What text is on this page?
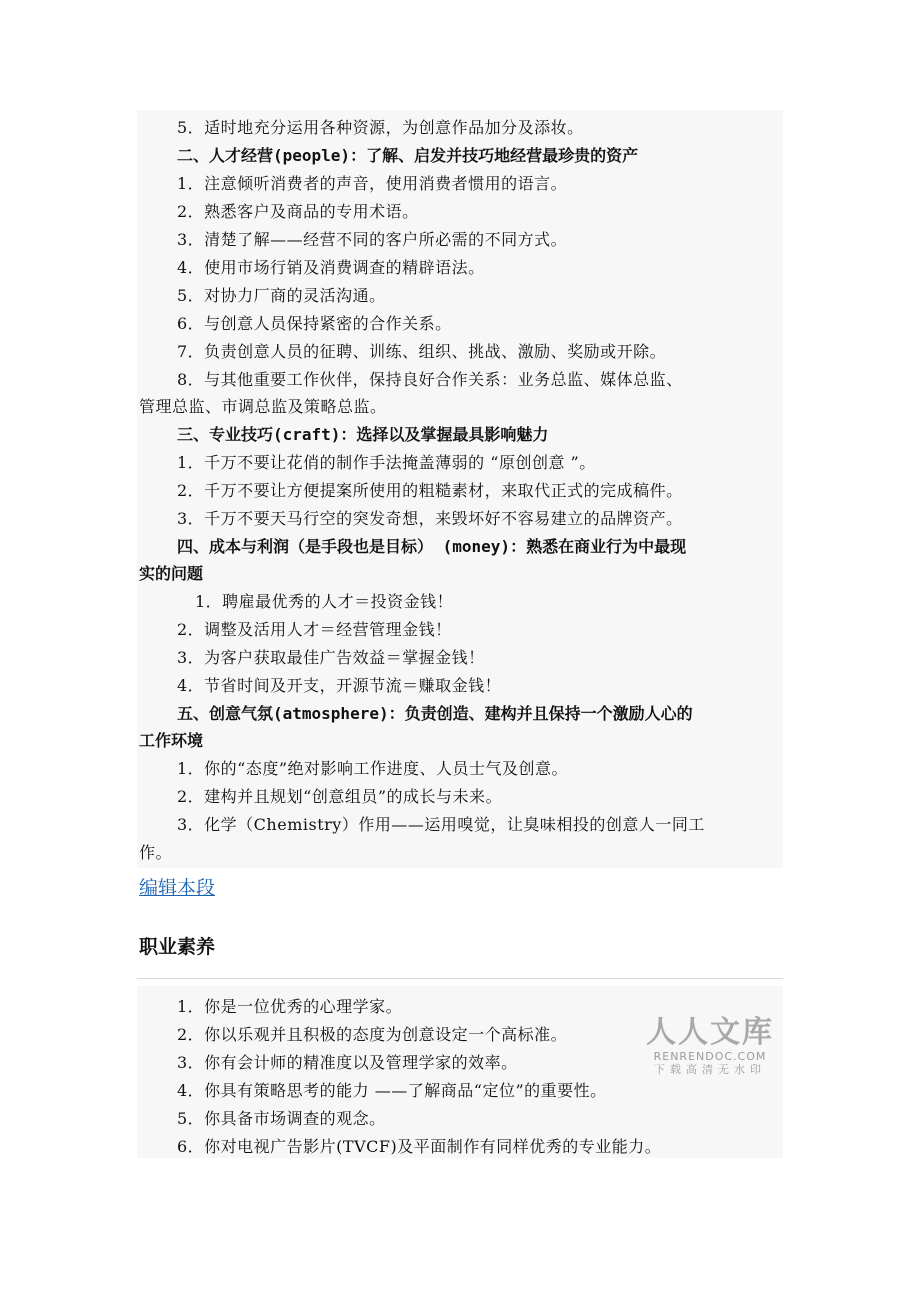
5．适时地充分运用各种资源，为创意作品加分及添妆。
二、人才经营(people)：了解、启发并技巧地经营最珍贵的资产
1．注意倾听消费者的声音，使用消费者惯用的语言。
2．熟悉客户及商品的专用术语。
3．清楚了解——经营不同的客户所必需的不同方式。
4．使用市场行销及消费调查的精辟语法。
5．对协力厂商的灵活沟通。
6．与创意人员保持紧密的合作关系。
7．负责创意人员的征聘、训练、组织、挑战、激励、奖励或开除。
8．与其他重要工作伙伴，保持良好合作关系：业务总监、媒体总监、
管理总监、市调总监及策略总监。
三、专业技巧(craft)：选择以及掌握最具影响魅力
1．千万不要让花俏的制作手法掩盖薄弱的 “原创创意 ”。
2．千万不要让方便提案所使用的粗糙素材，来取代正式的完成稿件。
3．千万不要天马行空的突发奇想，来毁坏好不容易建立的品牌资产。
四、成本与利润（是手段也是目标） (money)：熟悉在商业行为中最现
实的问题
1．聘雇最优秀的人才＝投资金钱！
2．调整及活用人才＝经营管理金钱！
3．为客户获取最佳广告效益＝掌握金钱！
4．节省时间及开支，开源节流＝赚取金钱！
五、创意气氛(atmosphere)：负责创造、建构并且保持一个激励人心的
工作环境
1．你的“态度”绝对影响工作进度、人员士气及创意。
2．建构并且规划“创意组员”的成长与未来。
3．化学（Chemistry）作用——运用嗅觉，让臭味相投的创意人一同工
作。
编辑本段
职业素养
1．你是一位优秀的心理学家。
2．你以乐观并且积极的态度为创意设定一个高标准。
3．你有会计师的精准度以及管理学家的效率。
4．你具有策略思考的能力 ——了解商品“定位”的重要性。
5．你具备市场调查的观念。
6．你对电视广告影片(TVCF)及平面制作有同样优秀的专业能力。
人人文库
RENRENDOC.COM
下载高清无水印
